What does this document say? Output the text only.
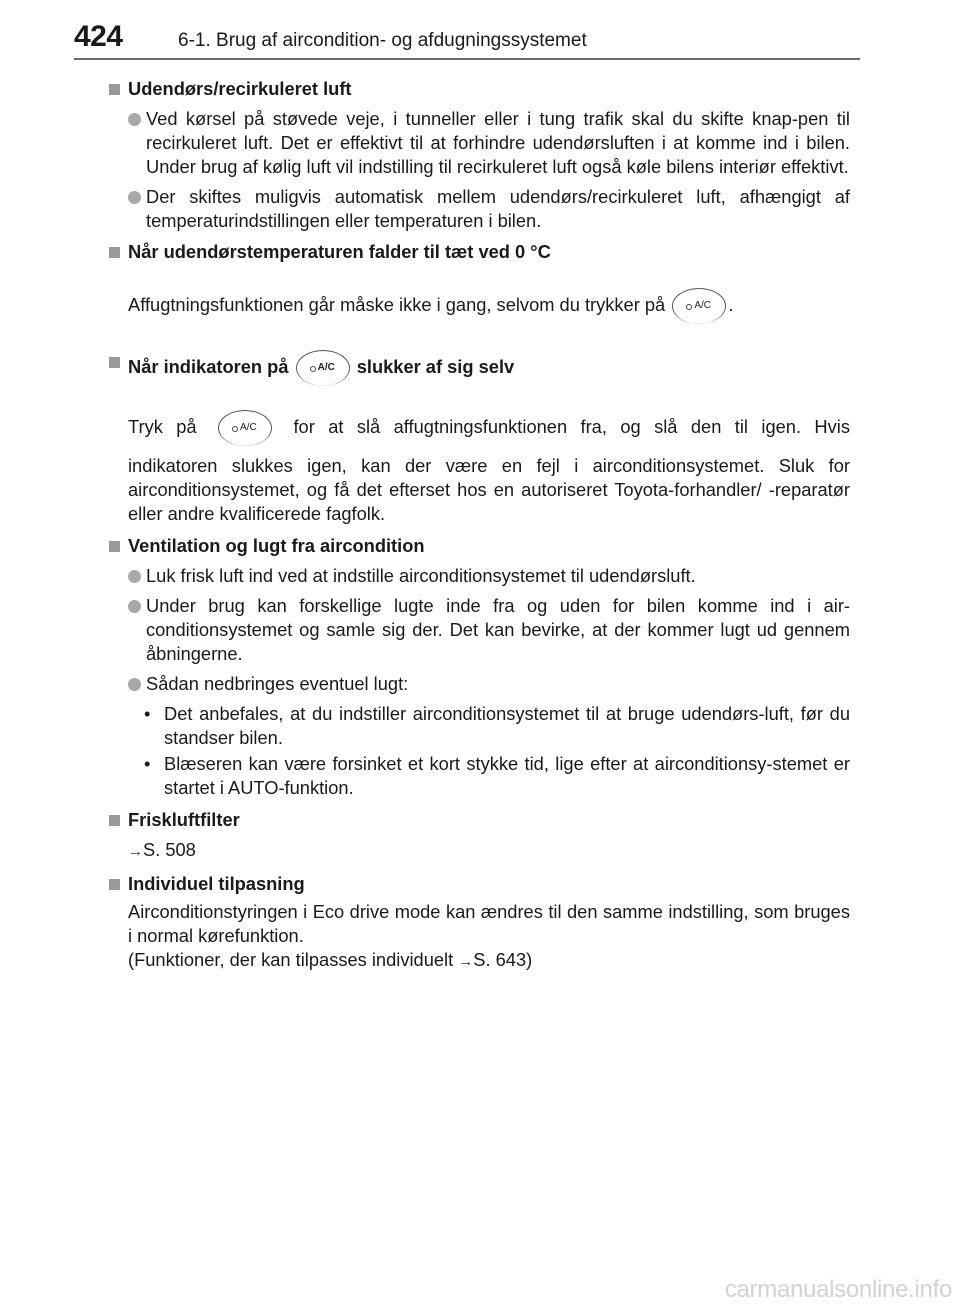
424	6-1. Brug af aircondition- og afdugningssystemet
Udendørs/recirkuleret luft
Ved kørsel på støvede veje, i tunneller eller i tung trafik skal du skifte knap-pen til recirkuleret luft. Det er effektivt til at forhindre udendørsluften i at komme ind i bilen. Under brug af kølig luft vil indstilling til recirkuleret luft også køle bilens interiør effektivt.
Der skiftes muligvis automatisk mellem udendørs/recirkuleret luft, afhængigt af temperaturindstillingen eller temperaturen i bilen.
Når udendørstemperaturen falder til tæt ved 0 °C
Affugtningsfunktionen går måske ikke i gang, selvom du trykker på	A/C .
Når indikatoren på	A/C slukker af sig selv
Tryk på	A/C for at slå affugtningsfunktionen fra, og slå den til igen. Hvis
indikatoren slukkes igen, kan der være en fejl i airconditionsystemet. Sluk for airconditionsystemet, og få det efterset hos en autoriseret Toyota-forhandler/ -reparatør eller andre kvalificerede fagfolk.
Ventilation og lugt fra aircondition
Luk frisk luft ind ved at indstille airconditionsystemet til udendørsluft.
Under brug kan forskellige lugte inde fra og uden for bilen komme ind i air-conditionsystemet og samle sig der. Det kan bevirke, at der kommer lugt ud gennem åbningerne.
Sådan nedbringes eventuel lugt:
• Det anbefales, at du indstiller airconditionsystemet til at bruge udendørs-luft, før du standser bilen.
• Blæseren kan være forsinket et kort stykke tid, lige efter at airconditionsy-stemet er startet i AUTO-funktion.
Friskluftfilter
→S. 508
Individuel tilpasning
Airconditionstyringen i Eco drive mode kan ændres til den samme indstilling, som bruges i normal kørefunktion.
(Funktioner, der kan tilpasses individuelt →S. 643)
carmanualsonline.info
